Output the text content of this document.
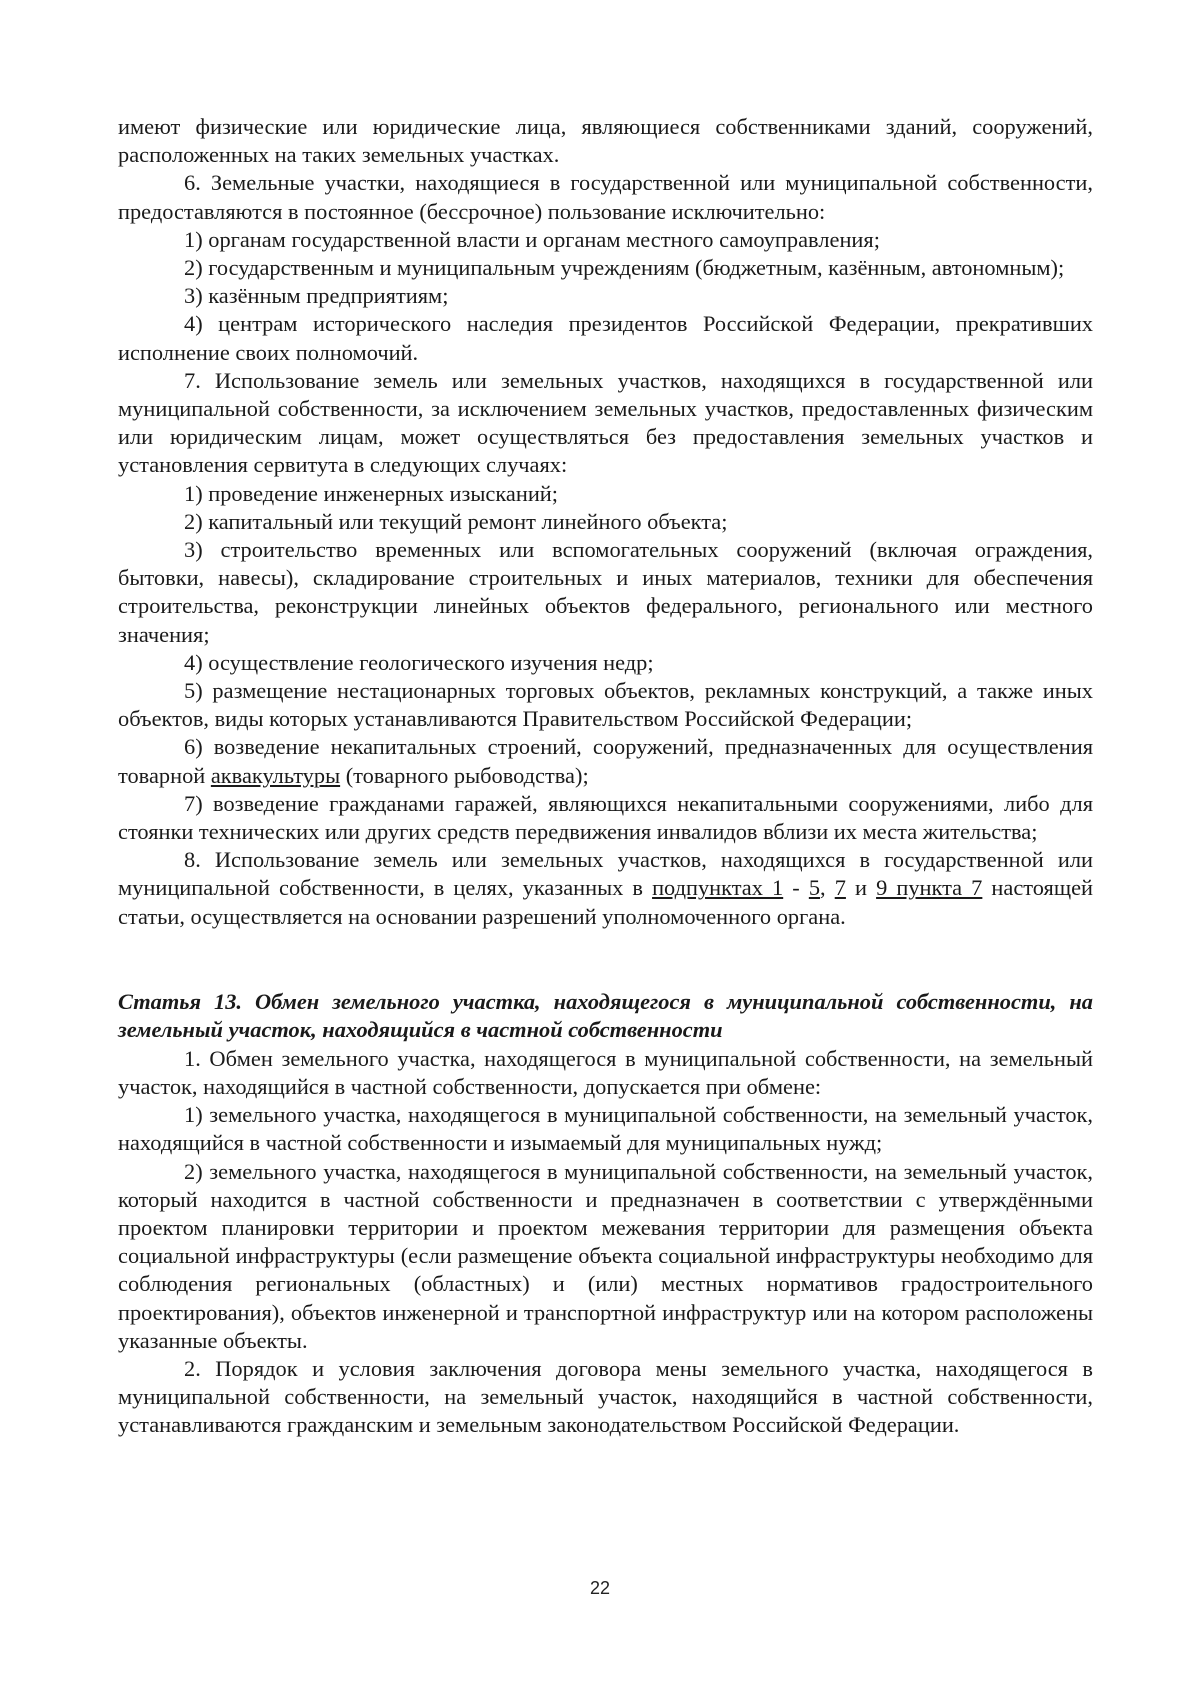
имеют физические или юридические лица, являющиеся собственниками зданий, сооружений, расположенных на таких земельных участках.

6. Земельные участки, находящиеся в государственной или муниципальной собственности, предоставляются в постоянное (бессрочное) пользование исключительно:

1) органам государственной власти и органам местного самоуправления;

2) государственным и муниципальным учреждениям (бюджетным, казённым, автономным);

3) казённым предприятиям;

4) центрам исторического наследия президентов Российской Федерации, прекративших исполнение своих полномочий.

7. Использование земель или земельных участков, находящихся в государственной или муниципальной собственности, за исключением земельных участков, предоставленных физическим или юридическим лицам, может осуществляться без предоставления земельных участков и установления сервитута в следующих случаях:

1) проведение инженерных изысканий;

2) капитальный или текущий ремонт линейного объекта;

3) строительство временных или вспомогательных сооружений (включая ограждения, бытовки, навесы), складирование строительных и иных материалов, техники для обеспечения строительства, реконструкции линейных объектов федерального, регионального или местного значения;

4) осуществление геологического изучения недр;

5) размещение нестационарных торговых объектов, рекламных конструкций, а также иных объектов, виды которых устанавливаются Правительством Российской Федерации;

6) возведение некапитальных строений, сооружений, предназначенных для осуществления товарной аквакультуры (товарного рыбоводства);

7) возведение гражданами гаражей, являющихся некапитальными сооружениями, либо для стоянки технических или других средств передвижения инвалидов вблизи их места жительства;

8. Использование земель или земельных участков, находящихся в государственной или муниципальной собственности, в целях, указанных в подпунктах 1 - 5, 7 и 9 пункта 7 настоящей статьи, осуществляется на основании разрешений уполномоченного органа.

Статья 13. Обмен земельного участка, находящегося в муниципальной собственности, на земельный участок, находящийся в частной собственности

1. Обмен земельного участка, находящегося в муниципальной собственности, на земельный участок, находящийся в частной собственности, допускается при обмене:

1) земельного участка, находящегося в муниципальной собственности, на земельный участок, находящийся в частной собственности и изымаемый для муниципальных нужд;

2) земельного участка, находящегося в муниципальной собственности, на земельный участок, который находится в частной собственности и предназначен в соответствии с утверждёнными проектом планировки территории и проектом межевания территории для размещения объекта социальной инфраструктуры (если размещение объекта социальной инфраструктуры необходимо для соблюдения региональных (областных) и (или) местных нормативов градостроительного проектирования), объектов инженерной и транспортной инфраструктур или на котором расположены указанные объекты.

2. Порядок и условия заключения договора мены земельного участка, находящегося в муниципальной собственности, на земельный участок, находящийся в частной собственности, устанавливаются гражданским и земельным законодательством Российской Федерации.

22
